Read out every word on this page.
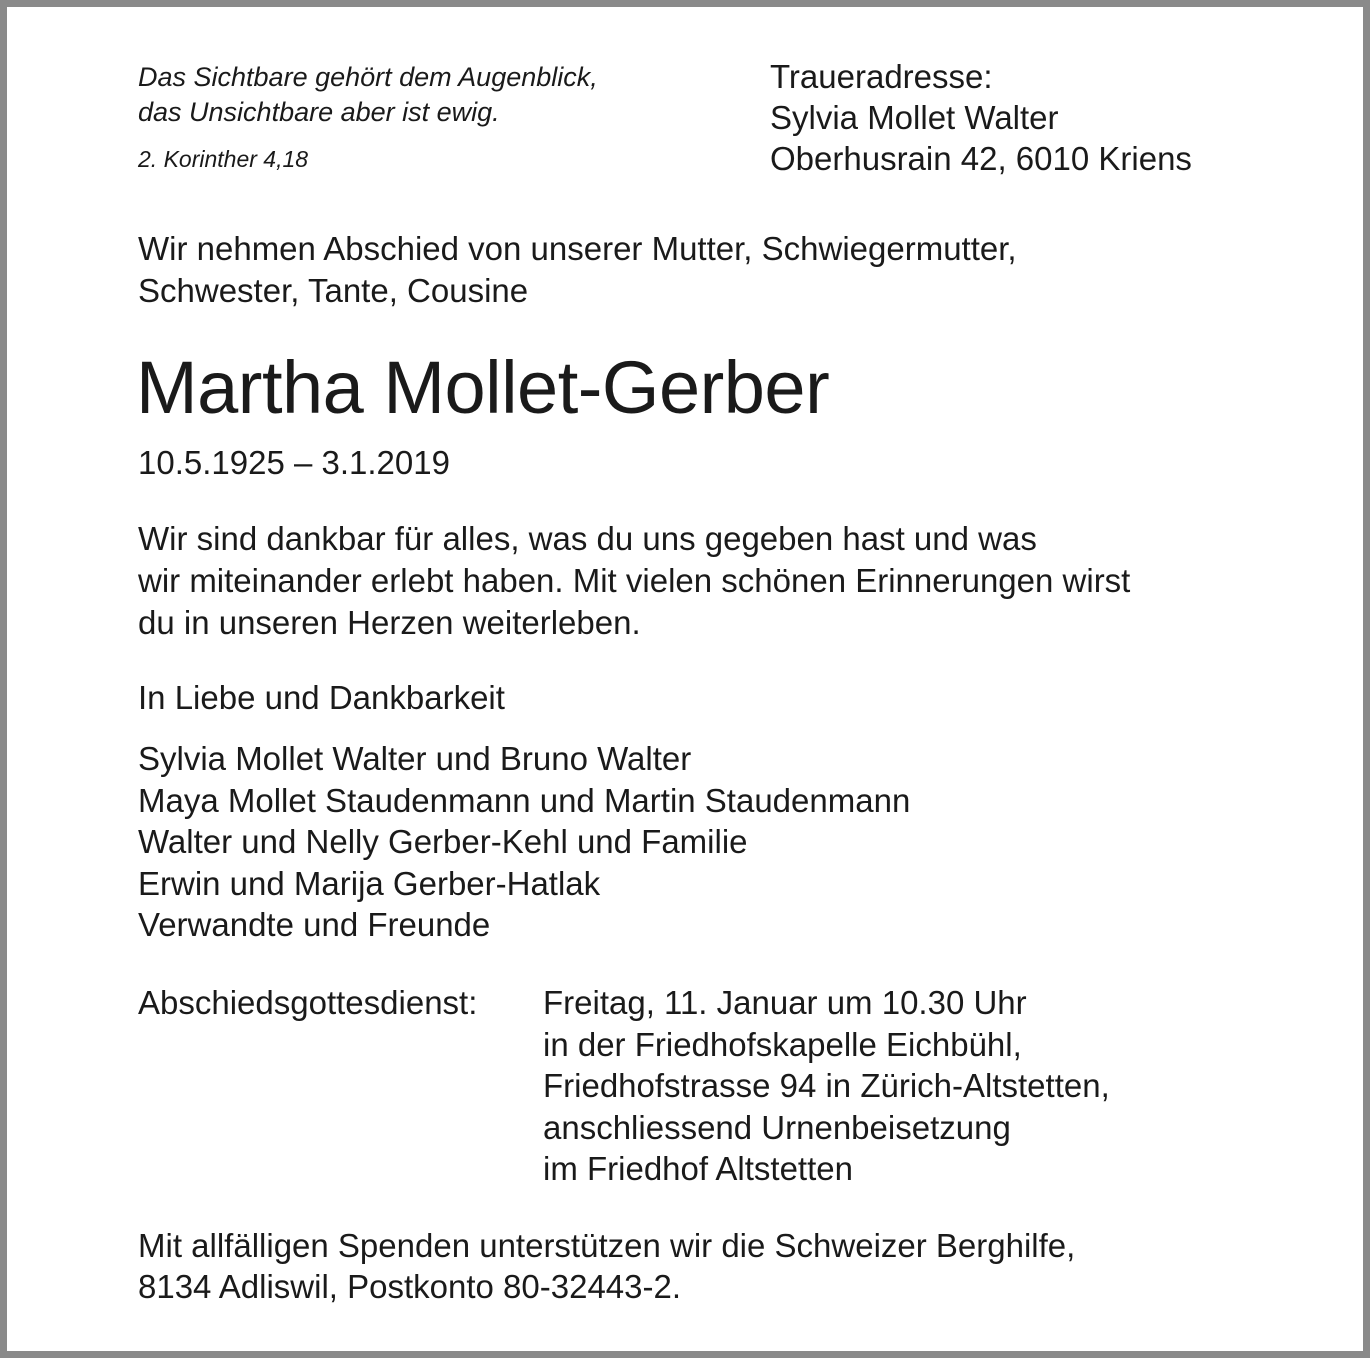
Das Sichtbare gehört dem Augenblick,
das Unsichtbare aber ist ewig.
2. Korinther 4,18
Traueradresse:
Sylvia Mollet Walter
Oberhusrain 42, 6010 Kriens
Wir nehmen Abschied von unserer Mutter, Schwiegermutter,
Schwester, Tante, Cousine
Martha Mollet-Gerber
10.5.1925 – 3.1.2019
Wir sind dankbar für alles, was du uns gegeben hast und was
wir miteinander erlebt haben. Mit vielen schönen Erinnerungen wirst
du in unseren Herzen weiterleben.
In Liebe und Dankbarkeit
Sylvia Mollet Walter und Bruno Walter
Maya Mollet Staudenmann und Martin Staudenmann
Walter und Nelly Gerber-Kehl und Familie
Erwin und Marija Gerber-Hatlak
Verwandte und Freunde
Abschiedsgottesdienst: Freitag, 11. Januar um 10.30 Uhr
in der Friedhofskapelle Eichbühl,
Friedhofstrasse 94 in Zürich-Altstetten,
anschliessend Urnenbeisetzung
im Friedhof Altstetten
Mit allfälligen Spenden unterstützen wir die Schweizer Berghilfe,
8134 Adliswil, Postkonto 80-32443-2.
